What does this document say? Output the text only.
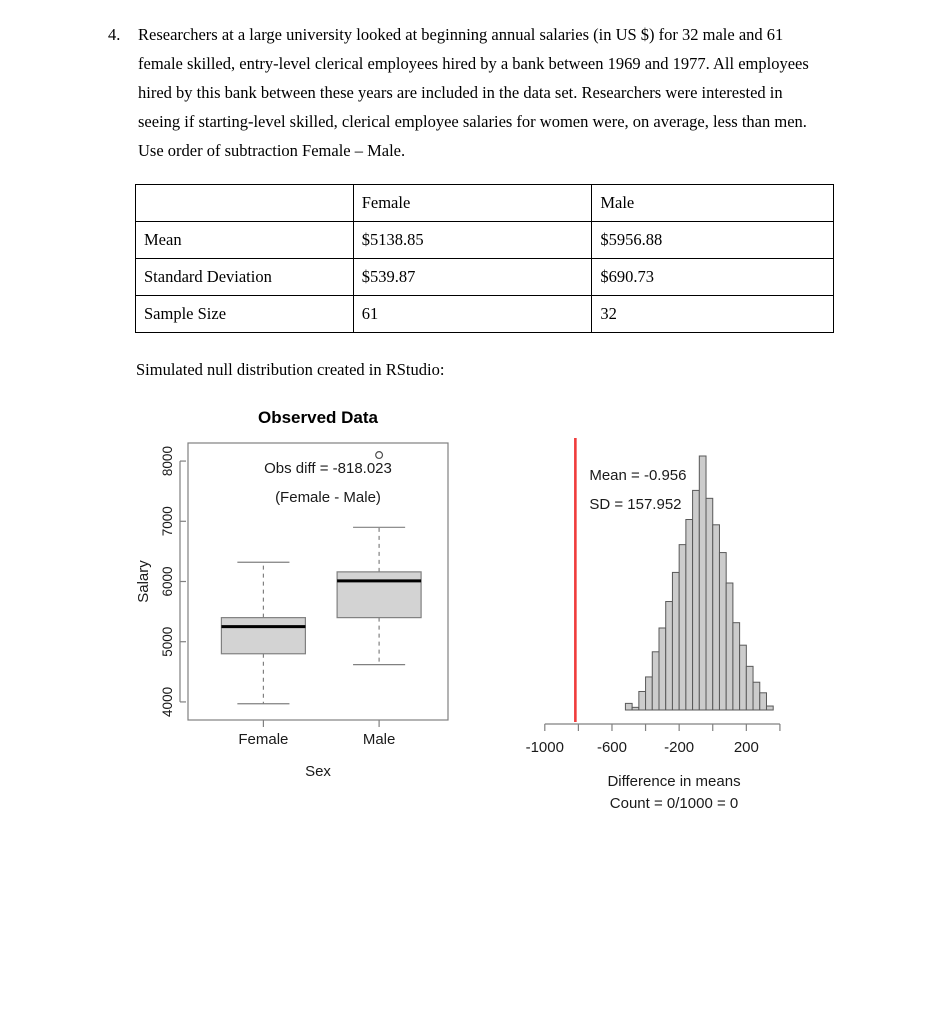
4.	Researchers at a large university looked at beginning annual salaries (in US $) for 32 male and 61 female skilled, entry-level clerical employees hired by a bank between 1969 and 1977. All employees hired by this bank between these years are included in the data set. Researchers were interested in seeing if starting-level skilled, clerical employee salaries for women were, on average, less than men. Use order of subtraction Female – Male.
	Female	Male
Mean	$5138.85	$5956.88
Standard Deviation	$539.87	$690.73
Sample Size	61	32
Simulated null distribution created in RStudio:
Observed Data
4000
5000
6000
7000
8000
Salary
Obs diff = -818.023
(Female - Male)
Female	Male
Sex
Mean = -0.956
SD = 157.952
-1000 -600 -200	200
Difference in means
Count = 0/1000 = 0
